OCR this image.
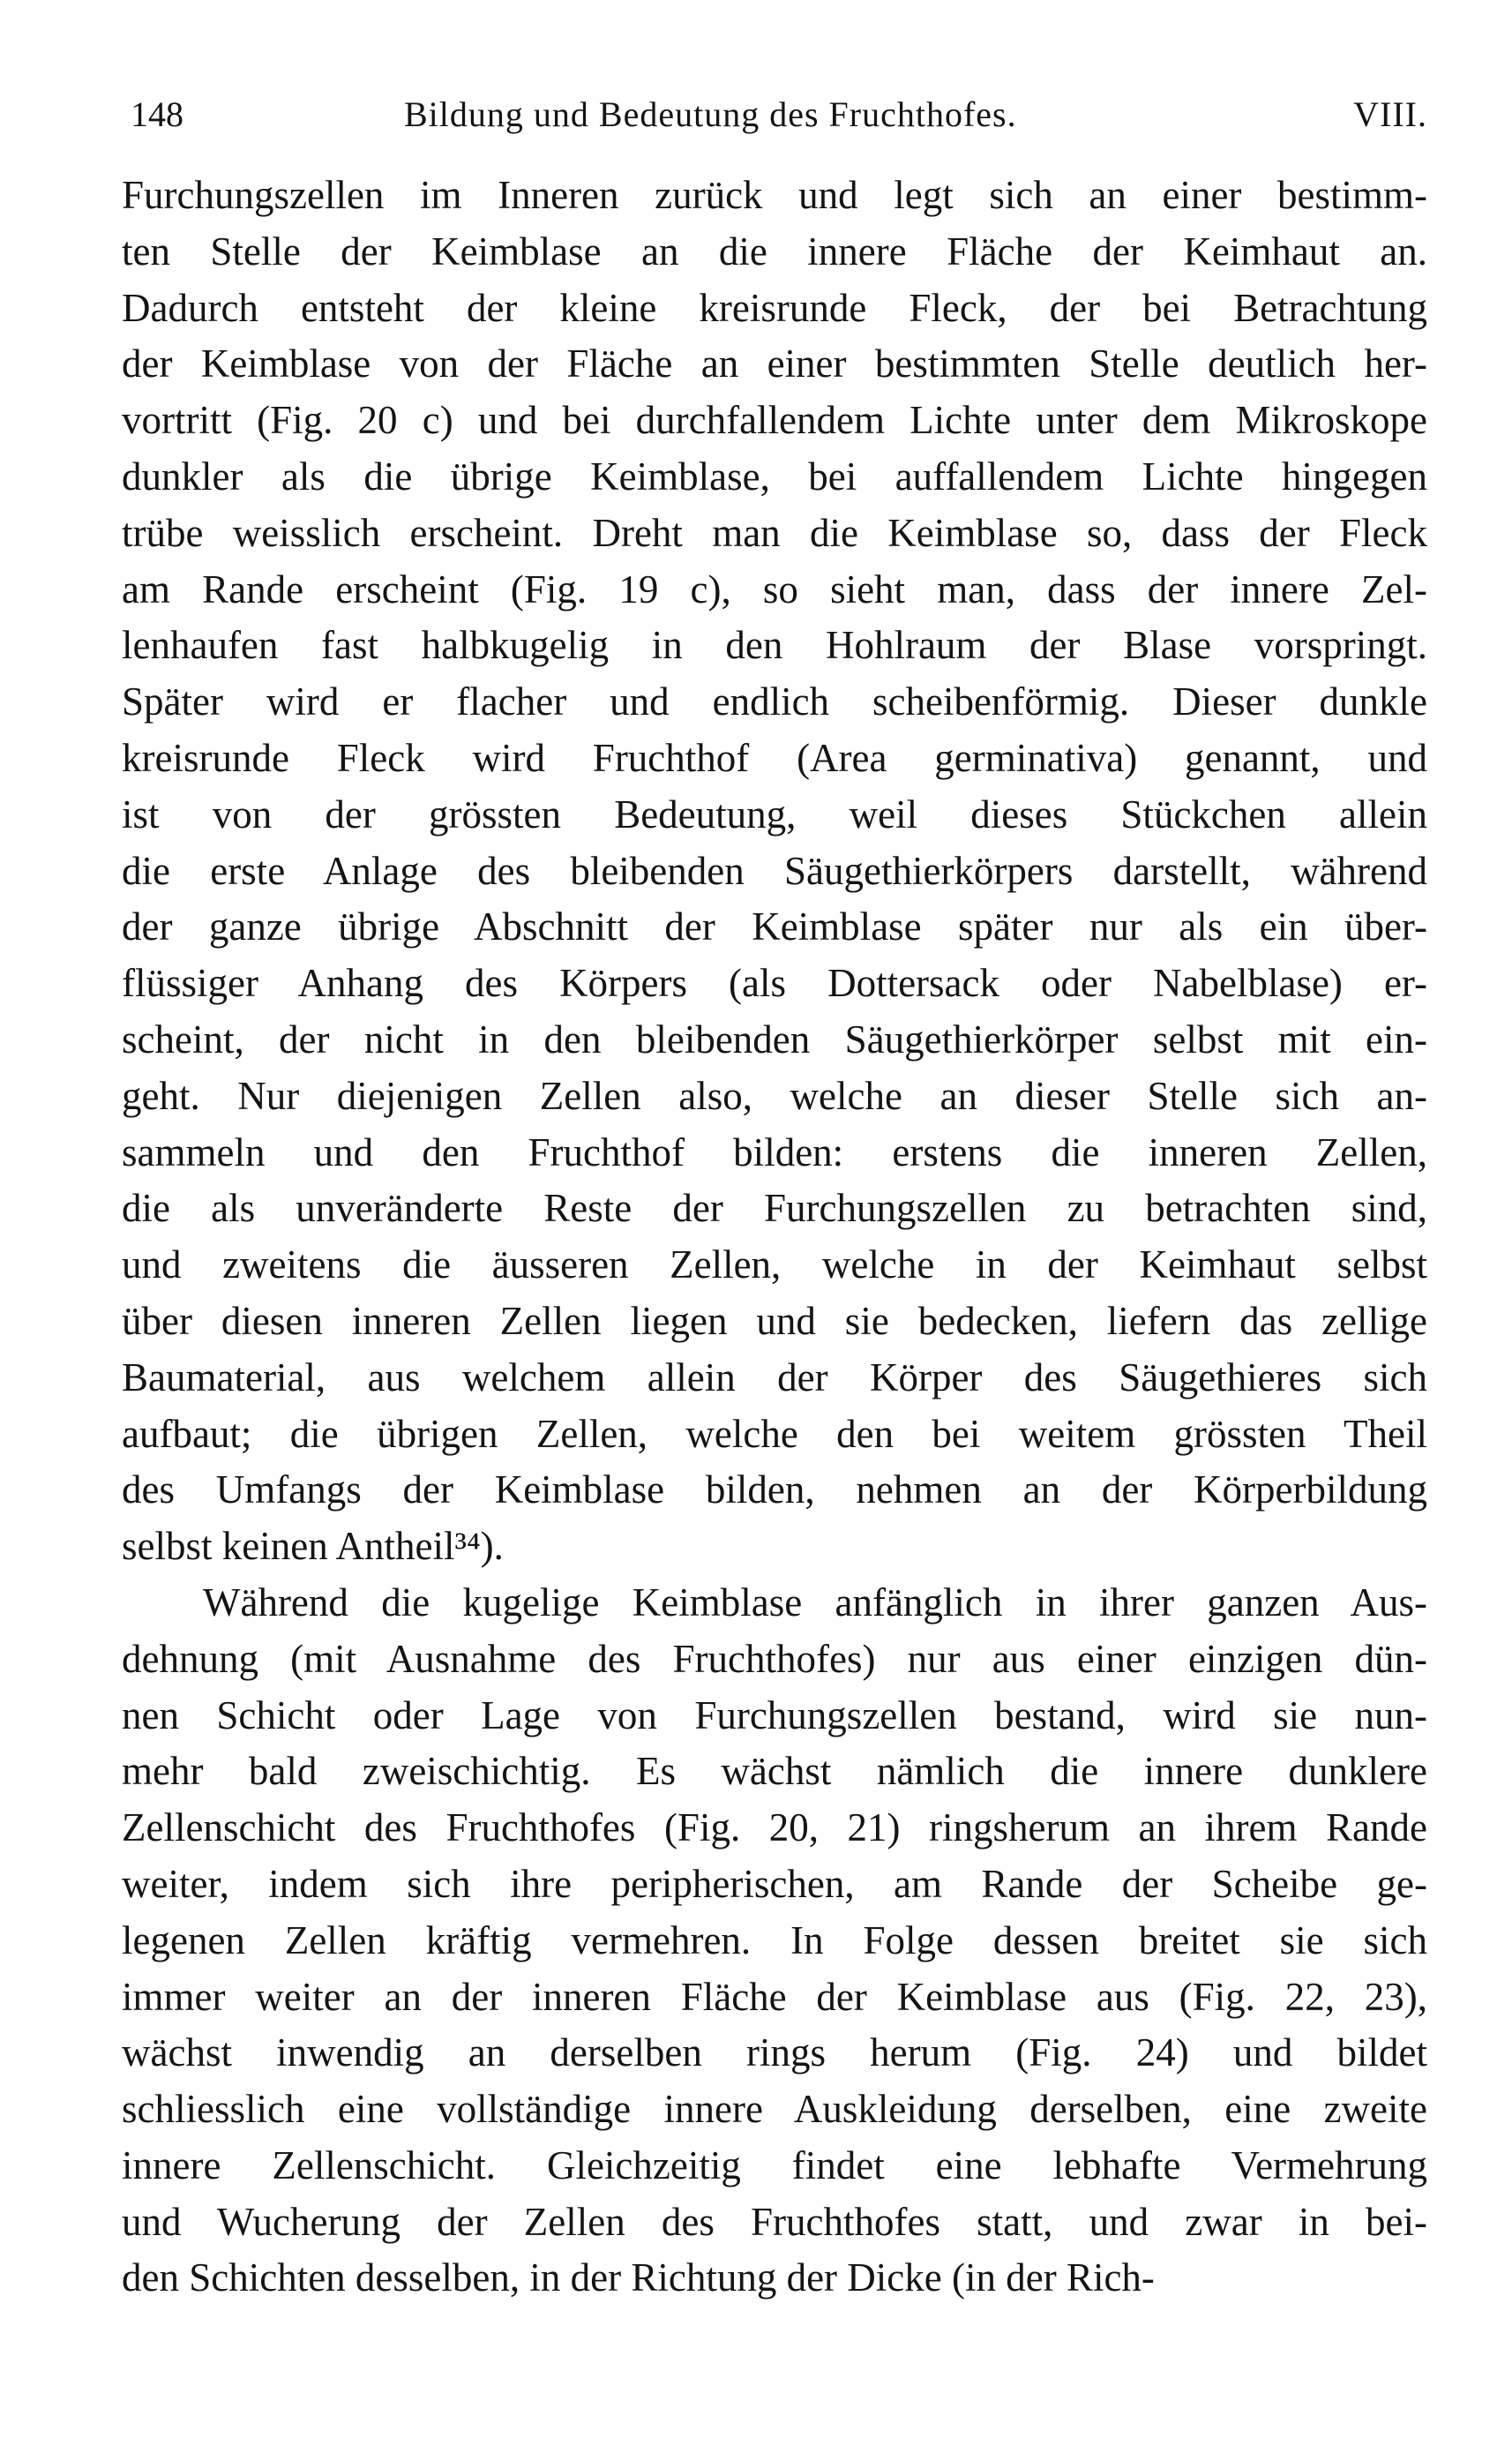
148	Bildung und Bedeutung des Fruchthofes.	VIII.
Furchungszellen im Inneren zurück und legt sich an einer bestimm-
ten Stelle der Keimblase an die innere Fläche der Keimhaut an.
Dadurch entsteht der kleine kreisrunde Fleck, der bei Betrachtung
der Keimblase von der Fläche an einer bestimmten Stelle deutlich her-
vortritt (Fig. 20 c) und bei durchfallendem Lichte unter dem Mikroskope
dunkler als die übrige Keimblase, bei auffallendem Lichte hingegen
trübe weisslich erscheint. Dreht man die Keimblase so, dass der Fleck
am Rande erscheint (Fig. 19 c), so sieht man, dass der innere Zel-
lenhaufen fast halbkugelig in den Hohlraum der Blase vorspringt.
Später wird er flacher und endlich scheibenförmig. Dieser dunkle
kreisrunde Fleck wird Fruchthof (Area germinativa) genannt, und
ist von der grössten Bedeutung, weil dieses Stückchen allein
die erste Anlage des bleibenden Säugethierkörpers darstellt, während
der ganze übrige Abschnitt der Keimblase später nur als ein über-
flüssiger Anhang des Körpers (als Dottersack oder Nabelblase) er-
scheint, der nicht in den bleibenden Säugethierkörper selbst mit ein-
geht. Nur diejenigen Zellen also, welche an dieser Stelle sich an-
sammeln und den Fruchthof bilden: erstens die inneren Zellen,
die als unveränderte Reste der Furchungszellen zu betrachten sind,
und zweitens die äusseren Zellen, welche in der Keimhaut selbst
über diesen inneren Zellen liegen und sie bedecken, liefern das zellige
Baumaterial, aus welchem allein der Körper des Säugethieres sich
aufbaut; die übrigen Zellen, welche den bei weitem grössten Theil
des Umfangs der Keimblase bilden, nehmen an der Körperbildung
selbst keinen Antheil³⁴).
Während die kugelige Keimblase anfänglich in ihrer ganzen Aus-
dehnung (mit Ausnahme des Fruchthofes) nur aus einer einzigen dün-
nen Schicht oder Lage von Furchungszellen bestand, wird sie nun-
mehr bald zweischichtig. Es wächst nämlich die innere dunklere
Zellenschicht des Fruchthofes (Fig. 20, 21) ringsherum an ihrem Rande
weiter, indem sich ihre peripherischen, am Rande der Scheibe ge-
legenen Zellen kräftig vermehren. In Folge dessen breitet sie sich
immer weiter an der inneren Fläche der Keimblase aus (Fig. 22, 23),
wächst inwendig an derselben rings herum (Fig. 24) und bildet
schliesslich eine vollständige innere Auskleidung derselben, eine zweite
innere Zellenschicht. Gleichzeitig findet eine lebhafte Vermehrung
und Wucherung der Zellen des Fruchthofes statt, und zwar in bei-
den Schichten desselben, in der Richtung der Dicke (in der Rich-
